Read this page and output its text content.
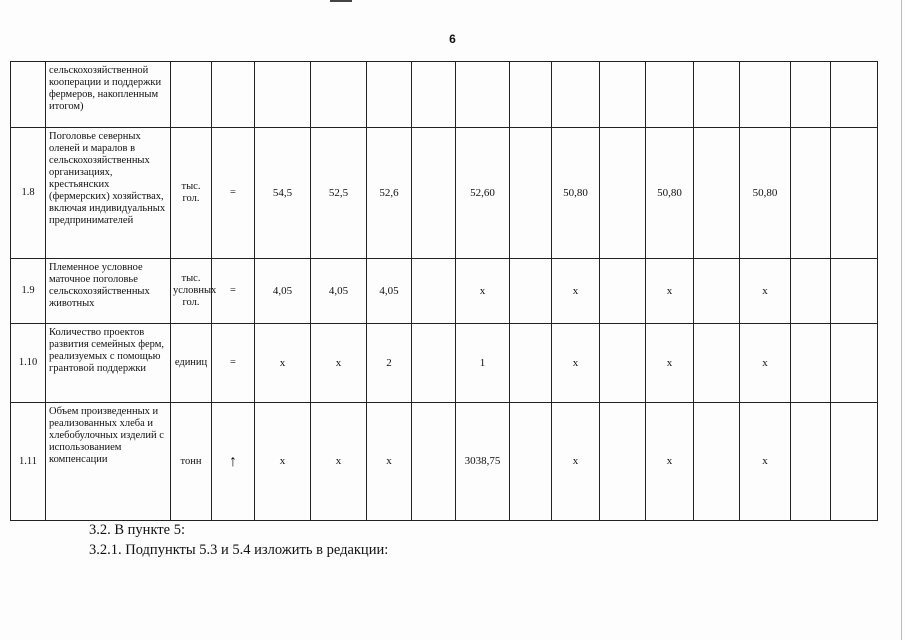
6
	сельскохозяйственной кооперации и поддержки фермеров, накопленным итогом)																	
1.8	Поголовье северных оленей и маралов в сельскохозяйственных организациях, крестьянских (фермерских) хозяйствах, включая индивидуальных предпринимателей	тыс. гол.	=	54,5	52,5	52,6		52,60		50,80		50,80		50,80				
1.9	Племенное условное маточное поголовье сельскохозяйственных животных	тыс. условных гол.	=	4,05	4,05	4,05		х		х		х		х				
1.10	Количество проектов развития семейных ферм, реализуемых с помощью грантовой поддержки	единиц	=	х	х	2		1		х		х		х				
1.11	Объем произведенных и реализованных хлеба и хлебобулочных изделий с использованием компенсации	тонн	↑	х	х	х		3038,75		х		х		х				
3.2. В пункте 5:
3.2.1. Подпункты 5.3 и 5.4 изложить в редакции:
